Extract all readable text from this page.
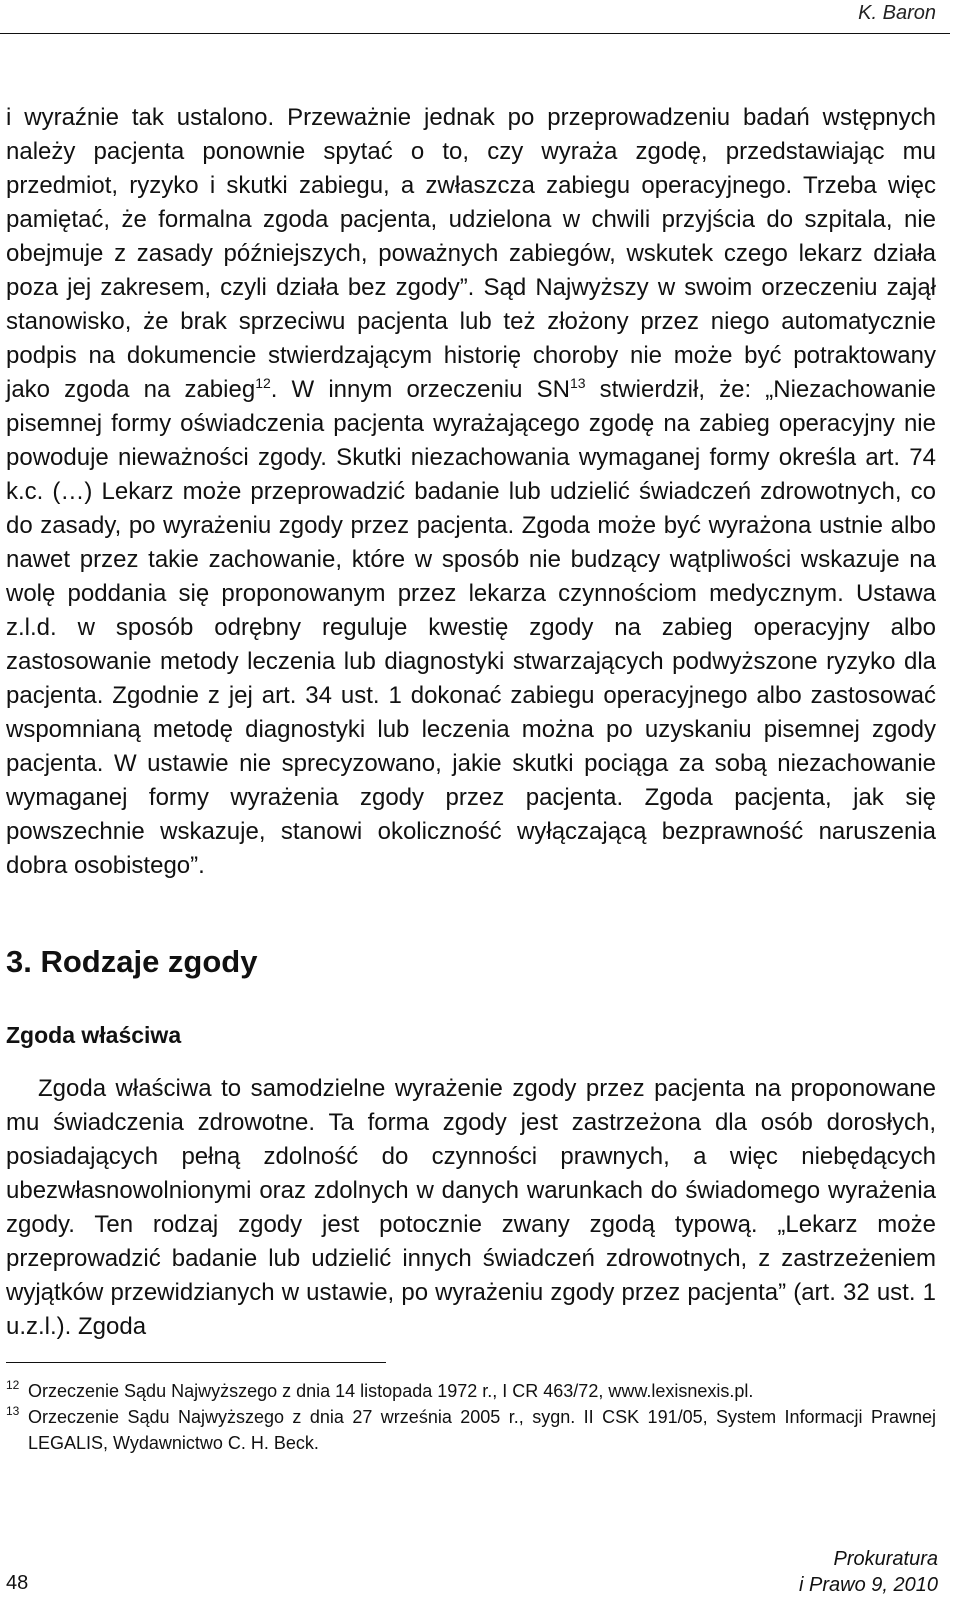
K. Baron

i wyraźnie tak ustalono. Przeważnie jednak po przeprowadzeniu badań wstępnych należy pacjenta ponownie spytać o to, czy wyraża zgodę, przedstawiając mu przedmiot, ryzyko i skutki zabiegu, a zwłaszcza zabiegu operacyjnego. Trzeba więc pamiętać, że formalna zgoda pacjenta, udzielona w chwili przyjścia do szpitala, nie obejmuje z zasady późniejszych, poważnych zabiegów, wskutek czego lekarz działa poza jej zakresem, czyli działa bez zgody”. Sąd Najwyższy w swoim orzeczeniu zajął stanowisko, że brak sprzeciwu pacjenta lub też złożony przez niego automatycznie podpis na dokumencie stwierdzającym historię choroby nie może być potraktowany jako zgoda na zabieg$^{12}$. W innym orzeczeniu SN$^{13}$ stwierdził, że: „Niezachowanie pisemnej formy oświadczenia pacjenta wyrażającego zgodę na zabieg operacyjny nie powoduje nieważności zgody. Skutki niezachowania wymaganej formy określa art. 74 k.c. (…) Lekarz może przeprowadzić badanie lub udzielić świadczeń zdrowotnych, co do zasady, po wyrażeniu zgody przez pacjenta. Zgoda może być wyrażona ustnie albo nawet przez takie zachowanie, które w sposób nie budzący wątpliwości wskazuje na wolę poddania się proponowanym przez lekarza czynnościom medycznym. Ustawa z.l.d. w sposób odrębny reguluje kwestię zgody na zabieg operacyjny albo zastosowanie metody leczenia lub diagnostyki stwarzających podwyższone ryzyko dla pacjenta. Zgodnie z jej art. 34 ust. 1 dokonać zabiegu operacyjnego albo zastosować wspomnianą metodę diagnostyki lub leczenia można po uzyskaniu pisemnej zgody pacjenta. W ustawie nie sprecyzowano, jakie skutki pociąga za sobą niezachowanie wymaganej formy wyrażenia zgody przez pacjenta. Zgoda pacjenta, jak się powszechnie wskazuje, stanowi okoliczność wyłączającą bezprawność naruszenia dobra osobistego”.

3. Rodzaje zgody
Zgoda właściwa

Zgoda właściwa to samodzielne wyrażenie zgody przez pacjenta na proponowane mu świadczenia zdrowotne. Ta forma zgody jest zastrzeżona dla osób dorosłych, posiadających pełną zdolność do czynności prawnych, a więc niebędących ubezwłasnowolnionymi oraz zdolnych w danych warunkach do świadomego wyrażenia zgody. Ten rodzaj zgody jest potocznie zwany zgodą typową. „Lekarz może przeprowadzić badanie lub udzielić innych świadczeń zdrowotnych, z zastrzeżeniem wyjątków przewidzianych w ustawie, po wyrażeniu zgody przez pacjenta” (art. 32 ust. 1 u.z.l.). Zgoda

12 Orzeczenie Sądu Najwyższego z dnia 14 listopada 1972 r., I CR 463/72, www.lexisnexis.pl.
13 Orzeczenie Sądu Najwyższego z dnia 27 września 2005 r., sygn. II CSK 191/05, System Informacji Prawnej LEGALIS, Wydawnictwo C. H. Beck.
48
Prokuratura
i Prawo 9, 2010
